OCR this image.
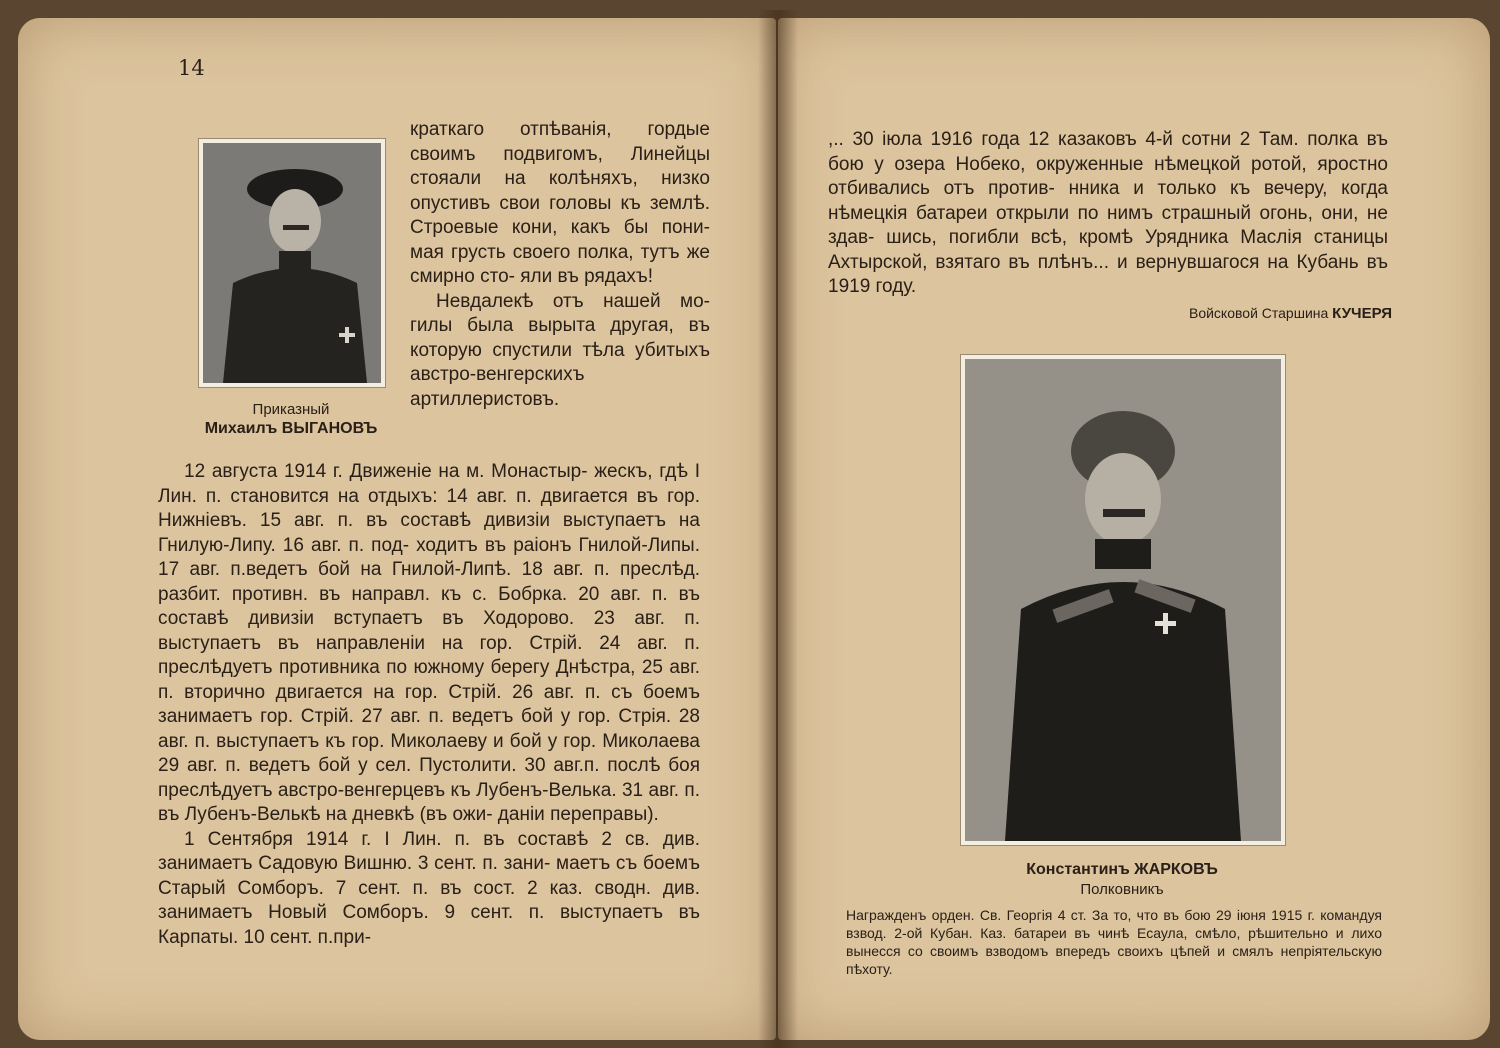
14
Приказный
Михаилъ ВЫГАНОВЪ

краткаго отпѣванія, гордые своимъ подвигомъ, Линейцы стояали на колѣняхъ, низко опустивъ свои головы къ землѣ. Строевые кони, какъ бы пони- мая грусть своего полка, тутъ же смирно сто- яли въ рядахъ!

Невдалекѣ отъ нашей мо- гилы была вырыта другая, въ которую спустили тѣла убитыхъ австро-венгерскихъ артиллеристовъ.

12 августа 1914 г. Движеніе на м. Монастыр- жескъ, гдѣ I Лин. п. становится на отдыхъ: 14 авг. п. двигается въ гор. Нижніевъ. 15 авг. п. въ составѣ дивизіи выступаетъ на Гнилую-Липу. 16 авг. п. под- ходитъ въ раіонъ Гнилой-Липы. 17 авг. п.ведетъ бой на Гнилой-Липѣ. 18 авг. п. преслѣд. разбит. противн. въ направл. къ с. Бобрка. 20 авг. п. въ составѣ дивизіи вступаетъ въ Ходорово. 23 авг. п. выступаетъ въ направленіи на гор. Стрій. 24 авг. п. преслѣдуетъ противника по южному берегу Днѣстра, 25 авг. п. вторично двигается на гор. Стрій. 26 авг. п. съ боемъ занимаетъ гор. Стрій. 27 авг. п. ведетъ бой у гор. Стрія. 28 авг. п. выступаетъ къ гор. Миколаеву и бой у гор. Миколаева 29 авг. п. ведетъ бой у сел. Пустолити. 30 авг.п. послѣ боя преслѣдуетъ австро-венгерцевъ къ Лубенъ-Велька. 31 авг. п. въ Лубенъ-Велькѣ на дневкѣ (въ ожи- даніи переправы).

1 Сентября 1914 г. I Лин. п. въ составѣ 2 св. див. занимаетъ Садовую Вишню. 3 сент. п. зани- маетъ съ боемъ Старый Сомборъ. 7 сент. п. въ сост. 2 каз. сводн. див. занимаетъ Новый Сомборъ. 9 сент. п. выступаетъ въ Карпаты. 10 сент. п.при-

,.. 30 іюла 1916 года 12 казаковъ 4-й сотни 2 Там. полка въ бою у озера Нобеко, окруженные нѣмецкой ротой, яростно отбивались отъ против- нника и только къ вечеру, когда нѣмецкія батареи открыли по нимъ страшный огонь, они, не здав- шись, погибли всѣ, кромѣ Урядника Маслія станицы Ахтырской, взятаго въ плѣнъ... и вернувшагося на Кубань въ 1919 году.

Войсковой Старшина КУЧЕРЯ
Константинъ ЖАРКОВЪ
Полковникъ

Награжденъ орден. Св. Георгія 4 ст. За то, что въ бою 29 іюня 1915 г. командуя взвод. 2-ой Кубан. Каз. батареи въ чинѣ Есаула, смѣло, рѣшительно и лихо вынесся со своимъ взводомъ впередъ своихъ цѣпей и смялъ непріятельскую пѣхоту.
